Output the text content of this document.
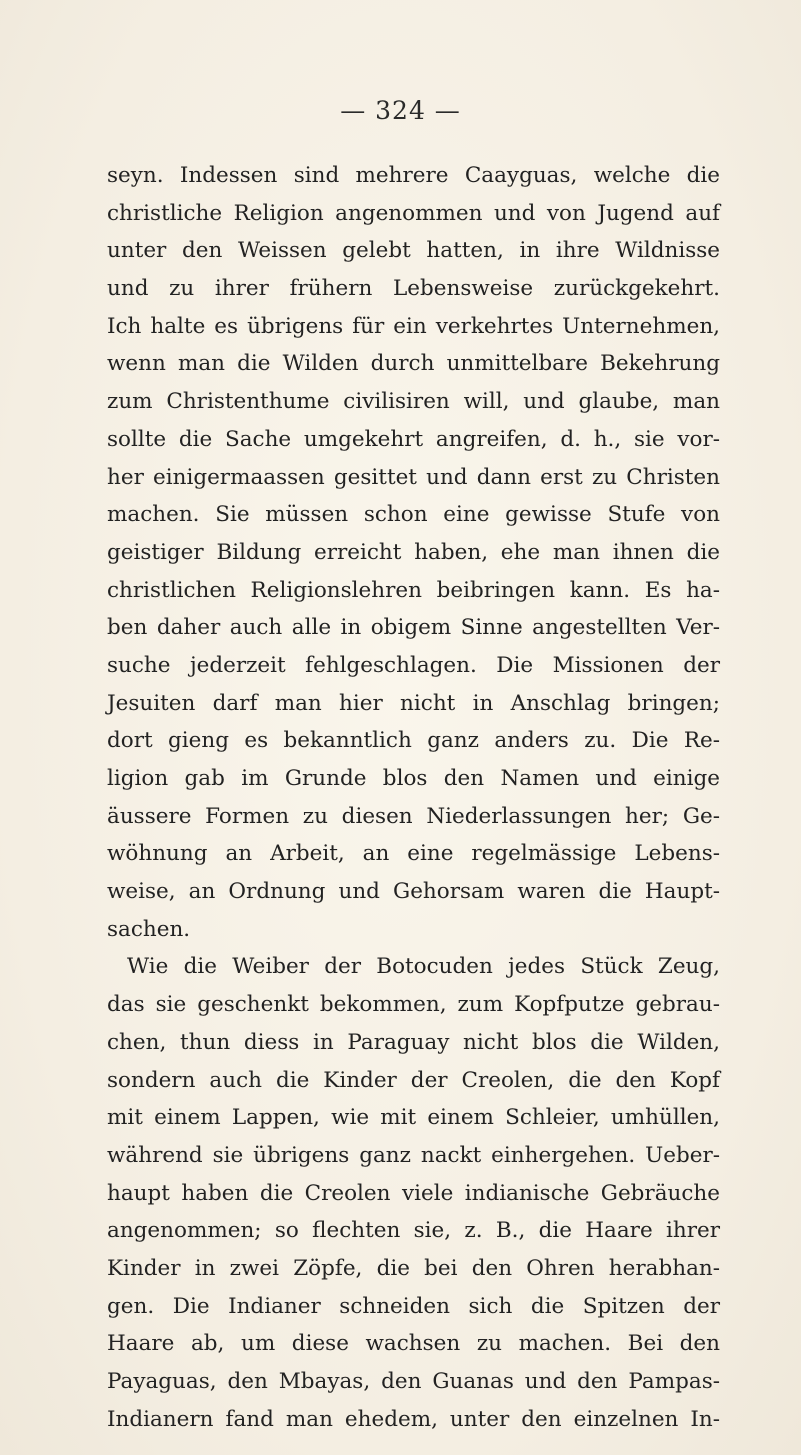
— 324 —
seyn. Indessen sind mehrere Caayguas, welche die
christliche Religion angenommen und von Jugend auf
unter den Weissen gelebt hatten, in ihre Wildnisse
und zu ihrer frühern Lebensweise zurückgekehrt.
Ich halte es übrigens für ein verkehrtes Unternehmen,
wenn man die Wilden durch unmittelbare Bekehrung
zum Christenthume civilisiren will, und glaube, man
sollte die Sache umgekehrt angreifen, d. h., sie vor-
her einigermaassen gesittet und dann erst zu Christen
machen. Sie müssen schon eine gewisse Stufe von
geistiger Bildung erreicht haben, ehe man ihnen die
christlichen Religionslehren beibringen kann. Es ha-
ben daher auch alle in obigem Sinne angestellten Ver-
suche jederzeit fehlgeschlagen. Die Missionen der
Jesuiten darf man hier nicht in Anschlag bringen;
dort gieng es bekanntlich ganz anders zu. Die Re-
ligion gab im Grunde blos den Namen und einige
äussere Formen zu diesen Niederlassungen her; Ge-
wöhnung an Arbeit, an eine regelmässige Lebens-
weise, an Ordnung und Gehorsam waren die Haupt-
sachen.
Wie die Weiber der Botocuden jedes Stück Zeug,
das sie geschenkt bekommen, zum Kopfputze gebrau-
chen, thun diess in Paraguay nicht blos die Wilden,
sondern auch die Kinder der Creolen, die den Kopf
mit einem Lappen, wie mit einem Schleier, umhüllen,
während sie übrigens ganz nackt einhergehen. Ueber-
haupt haben die Creolen viele indianische Gebräuche
angenommen; so flechten sie, z. B., die Haare ihrer
Kinder in zwei Zöpfe, die bei den Ohren herabhan-
gen. Die Indianer schneiden sich die Spitzen der
Haare ab, um diese wachsen zu machen. Bei den
Payaguas, den Mbayas, den Guanas und den Pampas-
Indianern fand man ehedem, unter den einzelnen In-
